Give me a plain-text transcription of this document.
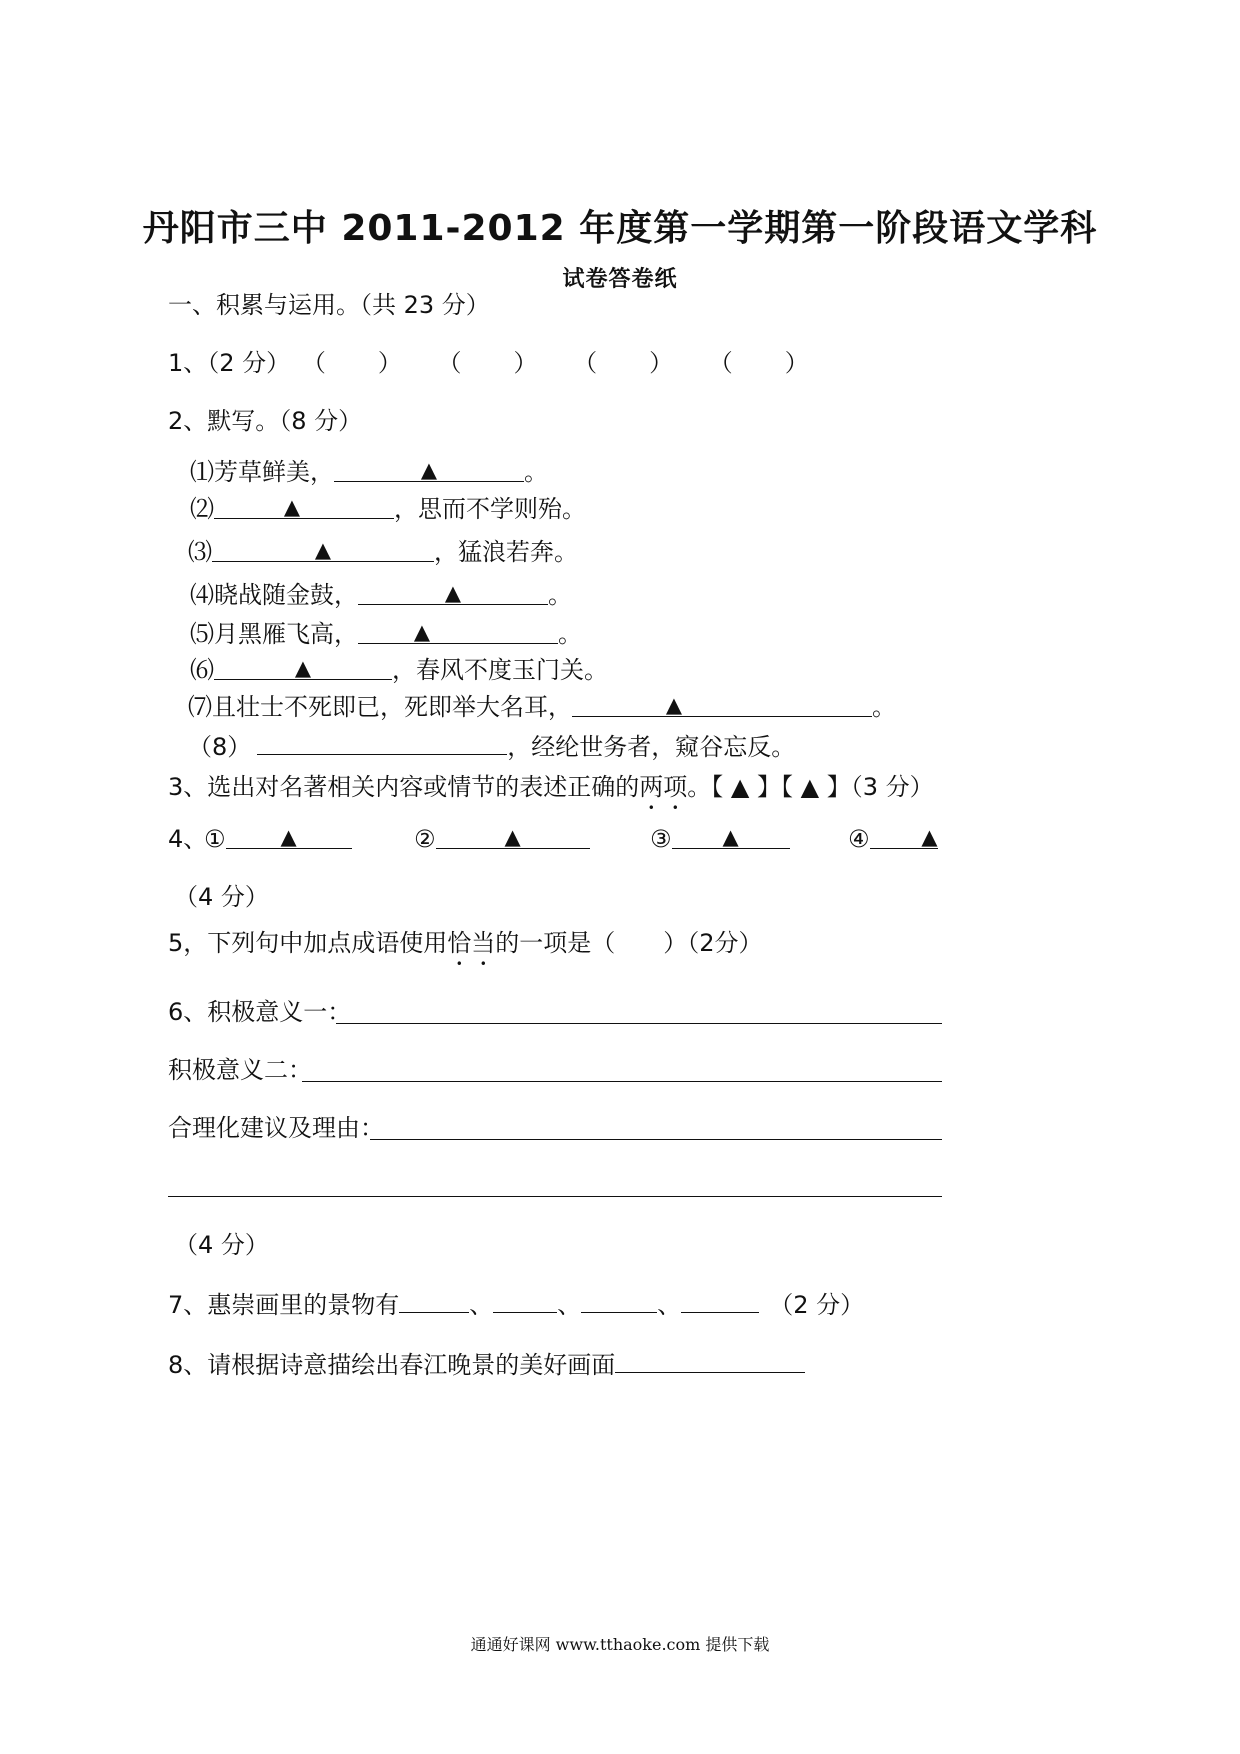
丹阳市三中 2011-2012 年度第一学期第一阶段语文学科
试卷答卷纸
一、积累与运用。（共 23 分）
1、（2 分） （ ） （ ） （ ） （ ）
2、默写。（8 分）
⑴芳草鲜美，	▲	。
⑵	▲	，思而不学则殆。
⑶	▲	，猛浪若奔。
⑷晓战随金鼓，	▲	。
⑸月黑雁飞高，	▲	。
⑹	▲	，春风不度玉门关。
⑺且壮士不死即已，死即举大名耳，	▲	。
（8）	，经纶世务者，窥谷忘反。
3、选出对名著相关内容或情节的表述正确的两项。【 ▲ 】【 ▲ 】（3 分）
4、
①	▲	②	▲	③ ▲	④ ▲
（4 分）
5，下列句中加点成语使用恰当的一项是（　　）（2分）
6、积极意义一：
积极意义二：
合理化建议及理由：
（4 分）
7、惠崇画里的景物有	、	、	、	（2 分）
8、请根据诗意描绘出春江晚景的美好画面
通通好课网 www.tthaoke.com 提供下载
